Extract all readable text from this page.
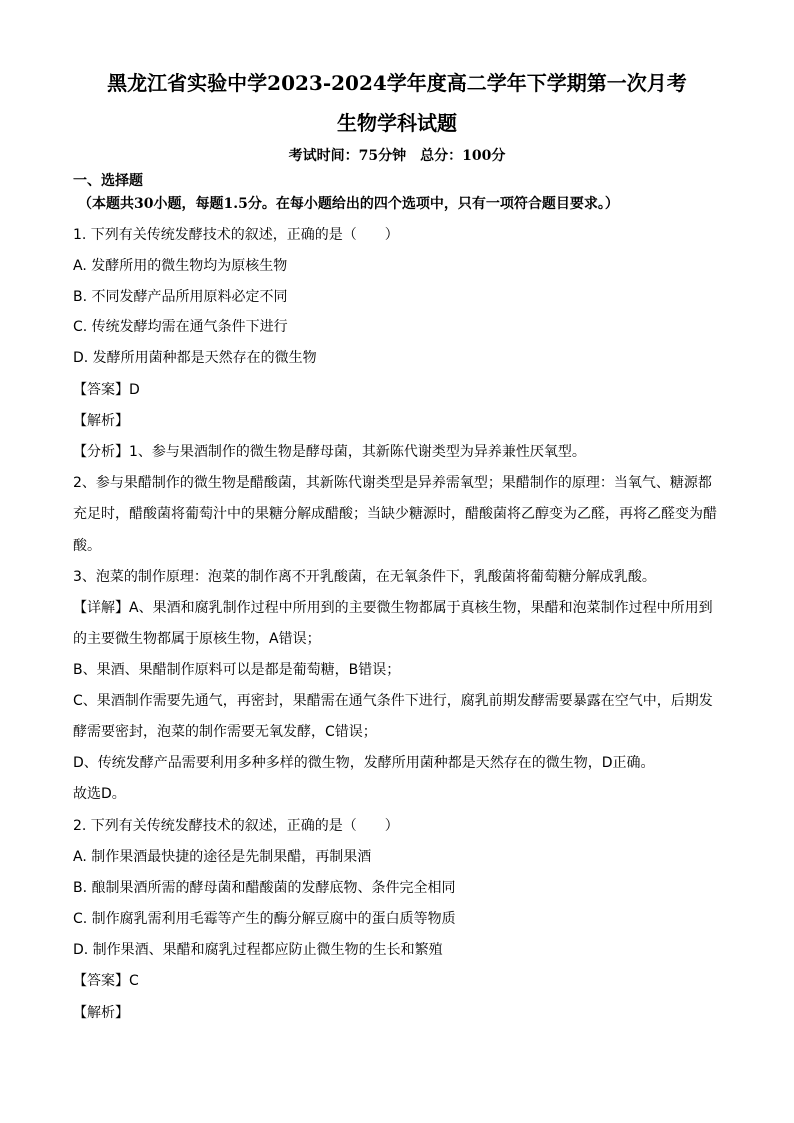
黑龙江省实验中学2023-2024学年度高二学年下学期第一次月考
生物学科试题
考试时间：75分钟　总分：100分
一、选择题
（本题共30小题，每题1.5分。在每小题给出的四个选项中，只有一项符合题目要求。）
1. 下列有关传统发酵技术的叙述，正确的是（　　）
A. 发酵所用的微生物均为原核生物
B. 不同发酵产品所用原料必定不同
C. 传统发酵均需在通气条件下进行
D. 发酵所用菌种都是天然存在的微生物
【答案】D
【解析】
【分析】1、参与果酒制作的微生物是酵母菌，其新陈代谢类型为异养兼性厌氧型。
2、参与果醋制作的微生物是醋酸菌，其新陈代谢类型是异养需氧型；果醋制作的原理：当氧气、糖源都
充足时，醋酸菌将葡萄汁中的果糖分解成醋酸；当缺少糖源时，醋酸菌将乙醇变为乙醛，再将乙醛变为醋
酸。
3、泡菜的制作原理：泡菜的制作离不开乳酸菌，在无氧条件下，乳酸菌将葡萄糖分解成乳酸。
【详解】A、果酒和腐乳制作过程中所用到的主要微生物都属于真核生物，果醋和泡菜制作过程中所用到
的主要微生物都属于原核生物，A错误；
B、果酒、果醋制作原料可以是都是葡萄糖，B错误；
C、果酒制作需要先通气，再密封，果醋需在通气条件下进行，腐乳前期发酵需要暴露在空气中，后期发
酵需要密封，泡菜的制作需要无氧发酵，C错误；
D、传统发酵产品需要利用多种多样的微生物，发酵所用菌种都是天然存在的微生物，D正确。
故选D。
2. 下列有关传统发酵技术的叙述，正确的是（　　）
A. 制作果酒最快捷的途径是先制果醋，再制果酒
B. 酿制果酒所需的酵母菌和醋酸菌的发酵底物、条件完全相同
C. 制作腐乳需利用毛霉等产生的酶分解豆腐中的蛋白质等物质
D. 制作果酒、果醋和腐乳过程都应防止微生物的生长和繁殖
【答案】C
【解析】
